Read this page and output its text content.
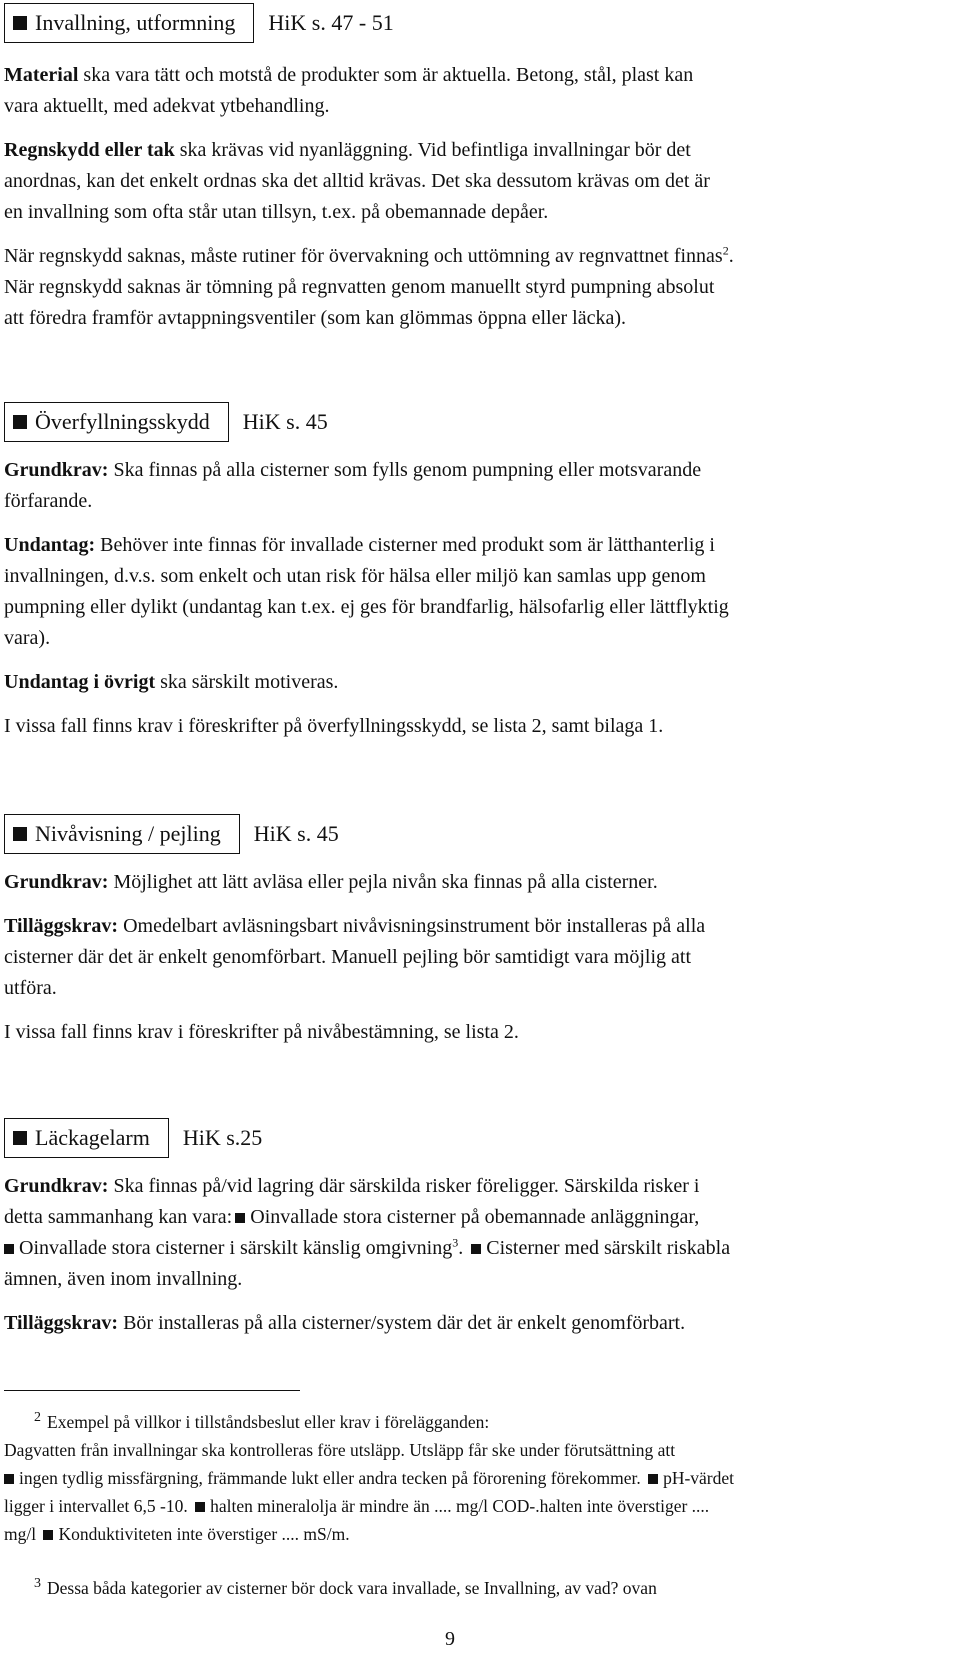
Invallning, utformning HiK s. 47 - 51

Material ska vara tätt och motstå de produkter som är aktuella. Betong, stål, plast kan

vara aktuellt, med adekvat ytbehandling.

Regnskydd eller tak ska krävas vid nyanläggning. Vid befintliga invallningar bör det

anordnas, kan det enkelt ordnas ska det alltid krävas. Det ska dessutom krävas om det är

en invallning som ofta står utan tillsyn, t.ex. på obemannade depåer.

När regnskydd saknas, måste rutiner för övervakning och uttömning av regnvattnet finnas$^2$.

När regnskydd saknas är tömning på regnvatten genom manuellt styrd pumpning absolut

att föredra framför avtappningsventiler (som kan glömmas öppna eller läcka).

Överfyllningsskydd HiK s. 45

Grundkrav: Ska finnas på alla cisterner som fylls genom pumpning eller motsvarande

förfarande.

Undantag: Behöver inte finnas för invallade cisterner med produkt som är lätthanterlig i

invallningen, d.v.s. som enkelt och utan risk för hälsa eller miljö kan samlas upp genom

pumpning eller dylikt (undantag kan t.ex. ej ges för brandfarlig, hälsofarlig eller lättflyktig

vara).

Undantag i övrigt ska särskilt motiveras.

I vissa fall finns krav i föreskrifter på överfyllningsskydd, se lista 2, samt bilaga 1.

Nivåvisning / pejling HiK s. 45

Grundkrav: Möjlighet att lätt avläsa eller pejla nivån ska finnas på alla cisterner.

Tilläggskrav: Omedelbart avläsningsbart nivåvisningsinstrument bör installeras på alla

cisterner där det är enkelt genomförbart. Manuell pejling bör samtidigt vara möjlig att

utföra.

I vissa fall finns krav i föreskrifter på nivåbestämning, se lista 2.

Läckagelarm HiK s.25

Grundkrav: Ska finnas på/vid lagring där särskilda risker föreligger. Särskilda risker i

detta sammanhang kan vara: Oinvallade stora cisterner på obemannade anläggningar,

Oinvallade stora cisterner i särskilt känslig omgivning$^3$. Cisterner med särskilt riskabla

ämnen, även inom invallning.

Tilläggskrav: Bör installeras på alla cisterner/system där det är enkelt genomförbart.

2 Exempel på villkor i tillståndsbeslut eller krav i förelägganden:

Dagvatten från invallningar ska kontrolleras före utsläpp. Utsläpp får ske under förutsättning att

ingen tydlig missfärgning, främmande lukt eller andra tecken på förorening förekommer. pH-värdet

ligger i intervallet 6,5 -10. halten mineralolja är mindre än .... mg/l COD-.halten inte överstiger ....

mg/l Konduktiviteten inte överstiger .... mS/m.

3 Dessa båda kategorier av cisterner bör dock vara invallade, se Invallning, av vad? ovan

9
